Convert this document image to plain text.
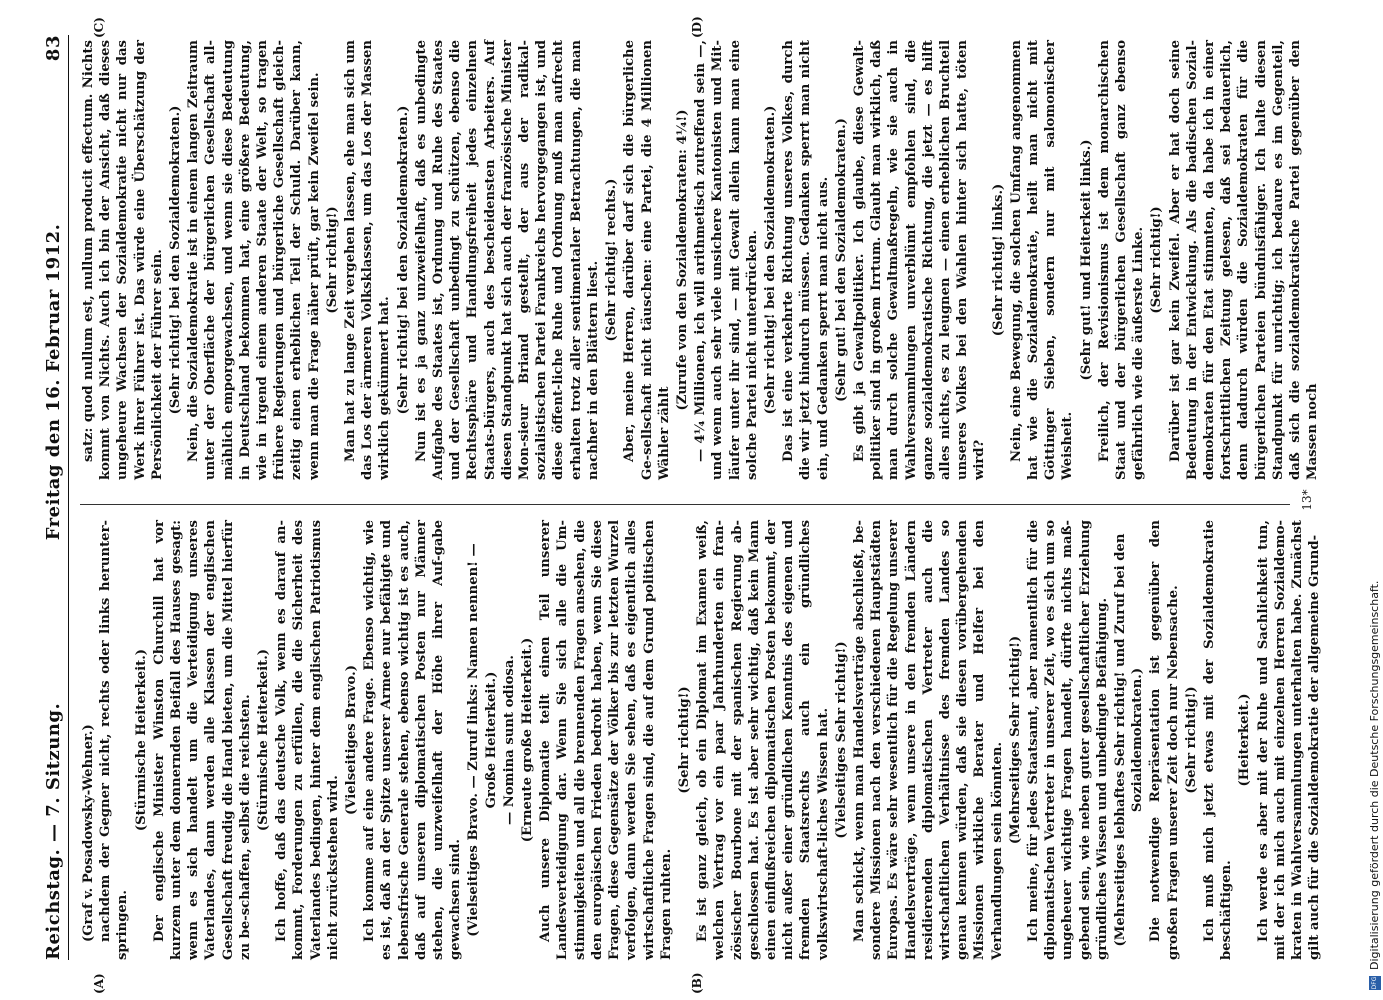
Reichstag. — 7. Sitzung.
Freitag den 16. Februar 1912.
83
(A)	(B)
(C)	(D)

(Graf v. Posadowsky-Wehner.) nachdem der Gegner nicht, rechts oder links herunter-springen.

(Stürmische Heiterkeit.) Der englische Minister Winston Churchill hat vor kurzem unter dem donnernden Beifall des Hauses gesagt: wenn es sich handelt um die Verteidigung unseres Vaterlandes, dann werden alle Klassen der englischen Gesellschaft freudig die Hand bieten, um die Mittel hierfür zu be-schaffen, selbst die reichsten. (Stürmische Heiterkeit.) Ich hoffe, daß das deutsche Volk, wenn es darauf an-kommt, Forderungen zu erfüllen, die die Sicherheit des Vaterlandes bedingen, hinter dem englischen Patriotismus nicht zurückstehen wird.

(Vielseitiges Bravo.) Ich komme auf eine andere Frage. Ebenso wichtig, wie es ist, daß an der Spitze unserer Armee nur befähigte und lebensfrische Generale stehen, ebenso wichtig ist es auch, daß auf unseren diplomatischen Posten nur Männer stehen, die unzweifelhaft der Höhe ihrer Auf-gabe gewachsen sind. (Vielseitiges Bravo. — Zuruf links: Namen nennen! — Große Heiterkeit.) — Nomina sunt odiosa. (Erneute große Heiterkeit.) Auch unsere Diplomatie teilt einen Teil unserer Landesverteidigung dar. Wenn Sie sich alle die Um-stimmigkeiten und all die brennenden Fragen ansehen, die den europäischen Frieden bedroht haben, wenn Sie diese Fragen, diese Gegensätze der Völker bis zur letzten Wurzel verfolgen, dann werden Sie sehen, daß es eigentlich alles wirtschaftliche Fragen sind, die auf dem Grund politischen Fragen ruhten.

(Sehr richtig!) Es ist ganz gleich, ob ein Diplomat im Examen weiß, welchen Vertrag vor ein paar Jahrhunderten ein fran-zösischer Bourbone mit der spanischen Regierung ab-geschlossen hat. Es ist aber sehr wichtig, daß kein Mann einen einflußreichen diplomatischen Posten bekommt, der nicht außer einer gründlichen Kenntnis des eigenen und fremden Staatsrechts auch ein gründliches volkswirtschaft-liches Wissen hat. (Vielseitiges Sehr richtig!) Man schickt, wenn man Handelsverträge abschließt, be-sondere Missionen nach den verschiedenen Hauptstädten Europas. Es wäre sehr wesentlich für die Regelung unserer Handelsverträge, wenn unsere in den fremden Ländern residierenden diplomatischen Vertreter auch die wirtschaftlichen Verhältnisse des fremden Landes so genau kennen würden, daß sie diesen vorübergehenden Missionen wirkliche Berater und Helfer bei den Verhandlungen sein könnten.

(Mehrseitiges Sehr richtig!) Ich meine, für jedes Staatsamt, aber namentlich für die diplomatischen Vertreter in unserer Zeit, wo es sich um so ungeheuer wichtige Fragen handelt, dürfte nichts maß-gebend sein, wie neben guter gesellschaftlicher Erziehung gründliches Wissen und unbedingte Befähigung. (Mehrseitiges lebhaftes Sehr richtig! und Zuruf bei den Sozialdemokraten.) Die notwendige Repräsentation ist gegenüber den großen Fragen unserer Zeit doch nur Nebensache. (Sehr richtig!) Ich muß mich jetzt etwas mit der Sozialdemokratie beschäftigen.

(Heiterkeit.) Ich werde es aber mit der Ruhe und Sachlichkeit tun, mit der ich mich auch mit einzelnen Herren Sozialdemo-kraten in Wahlversammlungen unterhalten habe. Zunächst gilt auch für die Sozialdemokratie der allgemeine Grund-

satz: quod nullum est, nullum producit effectum. Nichts kommt von Nichts. Auch ich bin der Ansicht, daß dieses ungeheure Wachsen der Sozialdemokratie nicht nur das Werk ihrer Führer ist. Das würde eine Überschätzung der Persönlichkeit der Führer sein. (Sehr richtig! bei den Sozialdemokraten.) Nein, die Sozialdemokratie ist in einem langen Zeitraum unter der Oberfläche der bürgerlichen Gesellschaft all-mählich emporgewachsen, und wenn sie diese Bedeutung in Deutschland bekommen hat, eine größere Bedeutung, wie in irgend einem anderen Staate der Welt, so tragen frühere Regierungen und bürgerliche Gesellschaft gleich-zeitig einen erheblichen Teil der Schuld. Darüber kann, wenn man die Frage näher prüft, gar kein Zweifel sein. (Sehr richtig!) Man hat zu lange Zeit vergehen lassen, ehe man sich um das Los der ärmeren Volksklassen, um das Los der Massen wirklich gekümmert hat. (Sehr richtig! bei den Sozialdemokraten.) Nun ist es ja ganz unzweifelhaft, daß es unbedingte Aufgabe des Staates ist, Ordnung und Ruhe des Staates und der Gesellschaft unbedingt zu schützen, ebenso die Rechtssphäre und Handlungsfreiheit jedes einzelnen Staats-bürgers, auch des bescheidensten Arbeiters. Auf diesen Standpunkt hat sich auch der französische Minister Mon-sieur Briand gestellt, der aus der radikal-sozialistischen Partei Frankreichs hervorgegangen ist, und diese öffent-liche Ruhe und Ordnung muß man aufrecht erhalten trotz aller sentimentaler Betrachtungen, die man nachher in den Blättern liest.

(Sehr richtig! rechts.) Aber, meine Herren, darüber darf sich die bürgerliche Ge-sellschaft nicht täuschen: eine Partei, die 4 Millionen Wähler zählt

(Zurufe von den Sozialdemokraten: 4¼!) — 4¼ Millionen, ich will arithmetisch zutreffend sein —, und wenn auch sehr viele unsichere Kantonisten und Mit-läufer unter ihr sind, — mit Gewalt allein kann man eine solche Partei nicht unterdrücken. (Sehr richtig! bei den Sozialdemokraten.) Das ist eine verkehrte Richtung unseres Volkes, durch die wir jetzt hindurch müssen. Gedanken sperrt man nicht ein, und Gedanken sperrt man nicht aus. (Sehr gut! bei den Sozialdemokraten.) Es gibt ja Gewaltpolitiker. Ich glaube, diese Gewalt-politiker sind in großem Irrtum. Glaubt man wirklich, daß man durch solche Gewaltmaßregeln, wie sie auch in Wahlversammlungen unverblümt empfohlen sind, die ganze sozialdemokratische Richtung, die jetzt — es hilft alles nichts, es zu leugnen — einen erheblichen Bruchteil unseres Volkes bei den Wahlen hinter sich hatte, töten wird?

(Sehr richtig! links.) Nein, eine Bewegung, die solchen Umfang angenommen hat wie die Sozialdemokratie, heilt man nicht mit Göttinger Sieben, sondern nur mit salomonischer Weisheit.

(Sehr gut! und Heiterkeit links.) Freilich, der Revisionismus ist dem monarchischen Staat und der bürgerlichen Gesellschaft ganz ebenso gefährlich wie die äußerste Linke. (Sehr richtig!) Darüber ist gar kein Zweifel. Aber er hat doch seine Bedeutung in der Entwicklung. Als die badischen Sozial-demokraten für den Etat stimmten, da habe ich in einer fortschrittlichen Zeitung gelesen, daß sei bedauerlich, denn dadurch würden die Sozialdemokraten für die bürgerlichen Parteien bündnisfähiger. Ich halte diesen Standpunkt für unrichtig; ich bedaure es im Gegenteil, daß sich die sozialdemokratische Partei gegenüber den Massen noch

13*
DFG
Digitalisierung gefördert durch die Deutsche Forschungsgemeinschaft.
